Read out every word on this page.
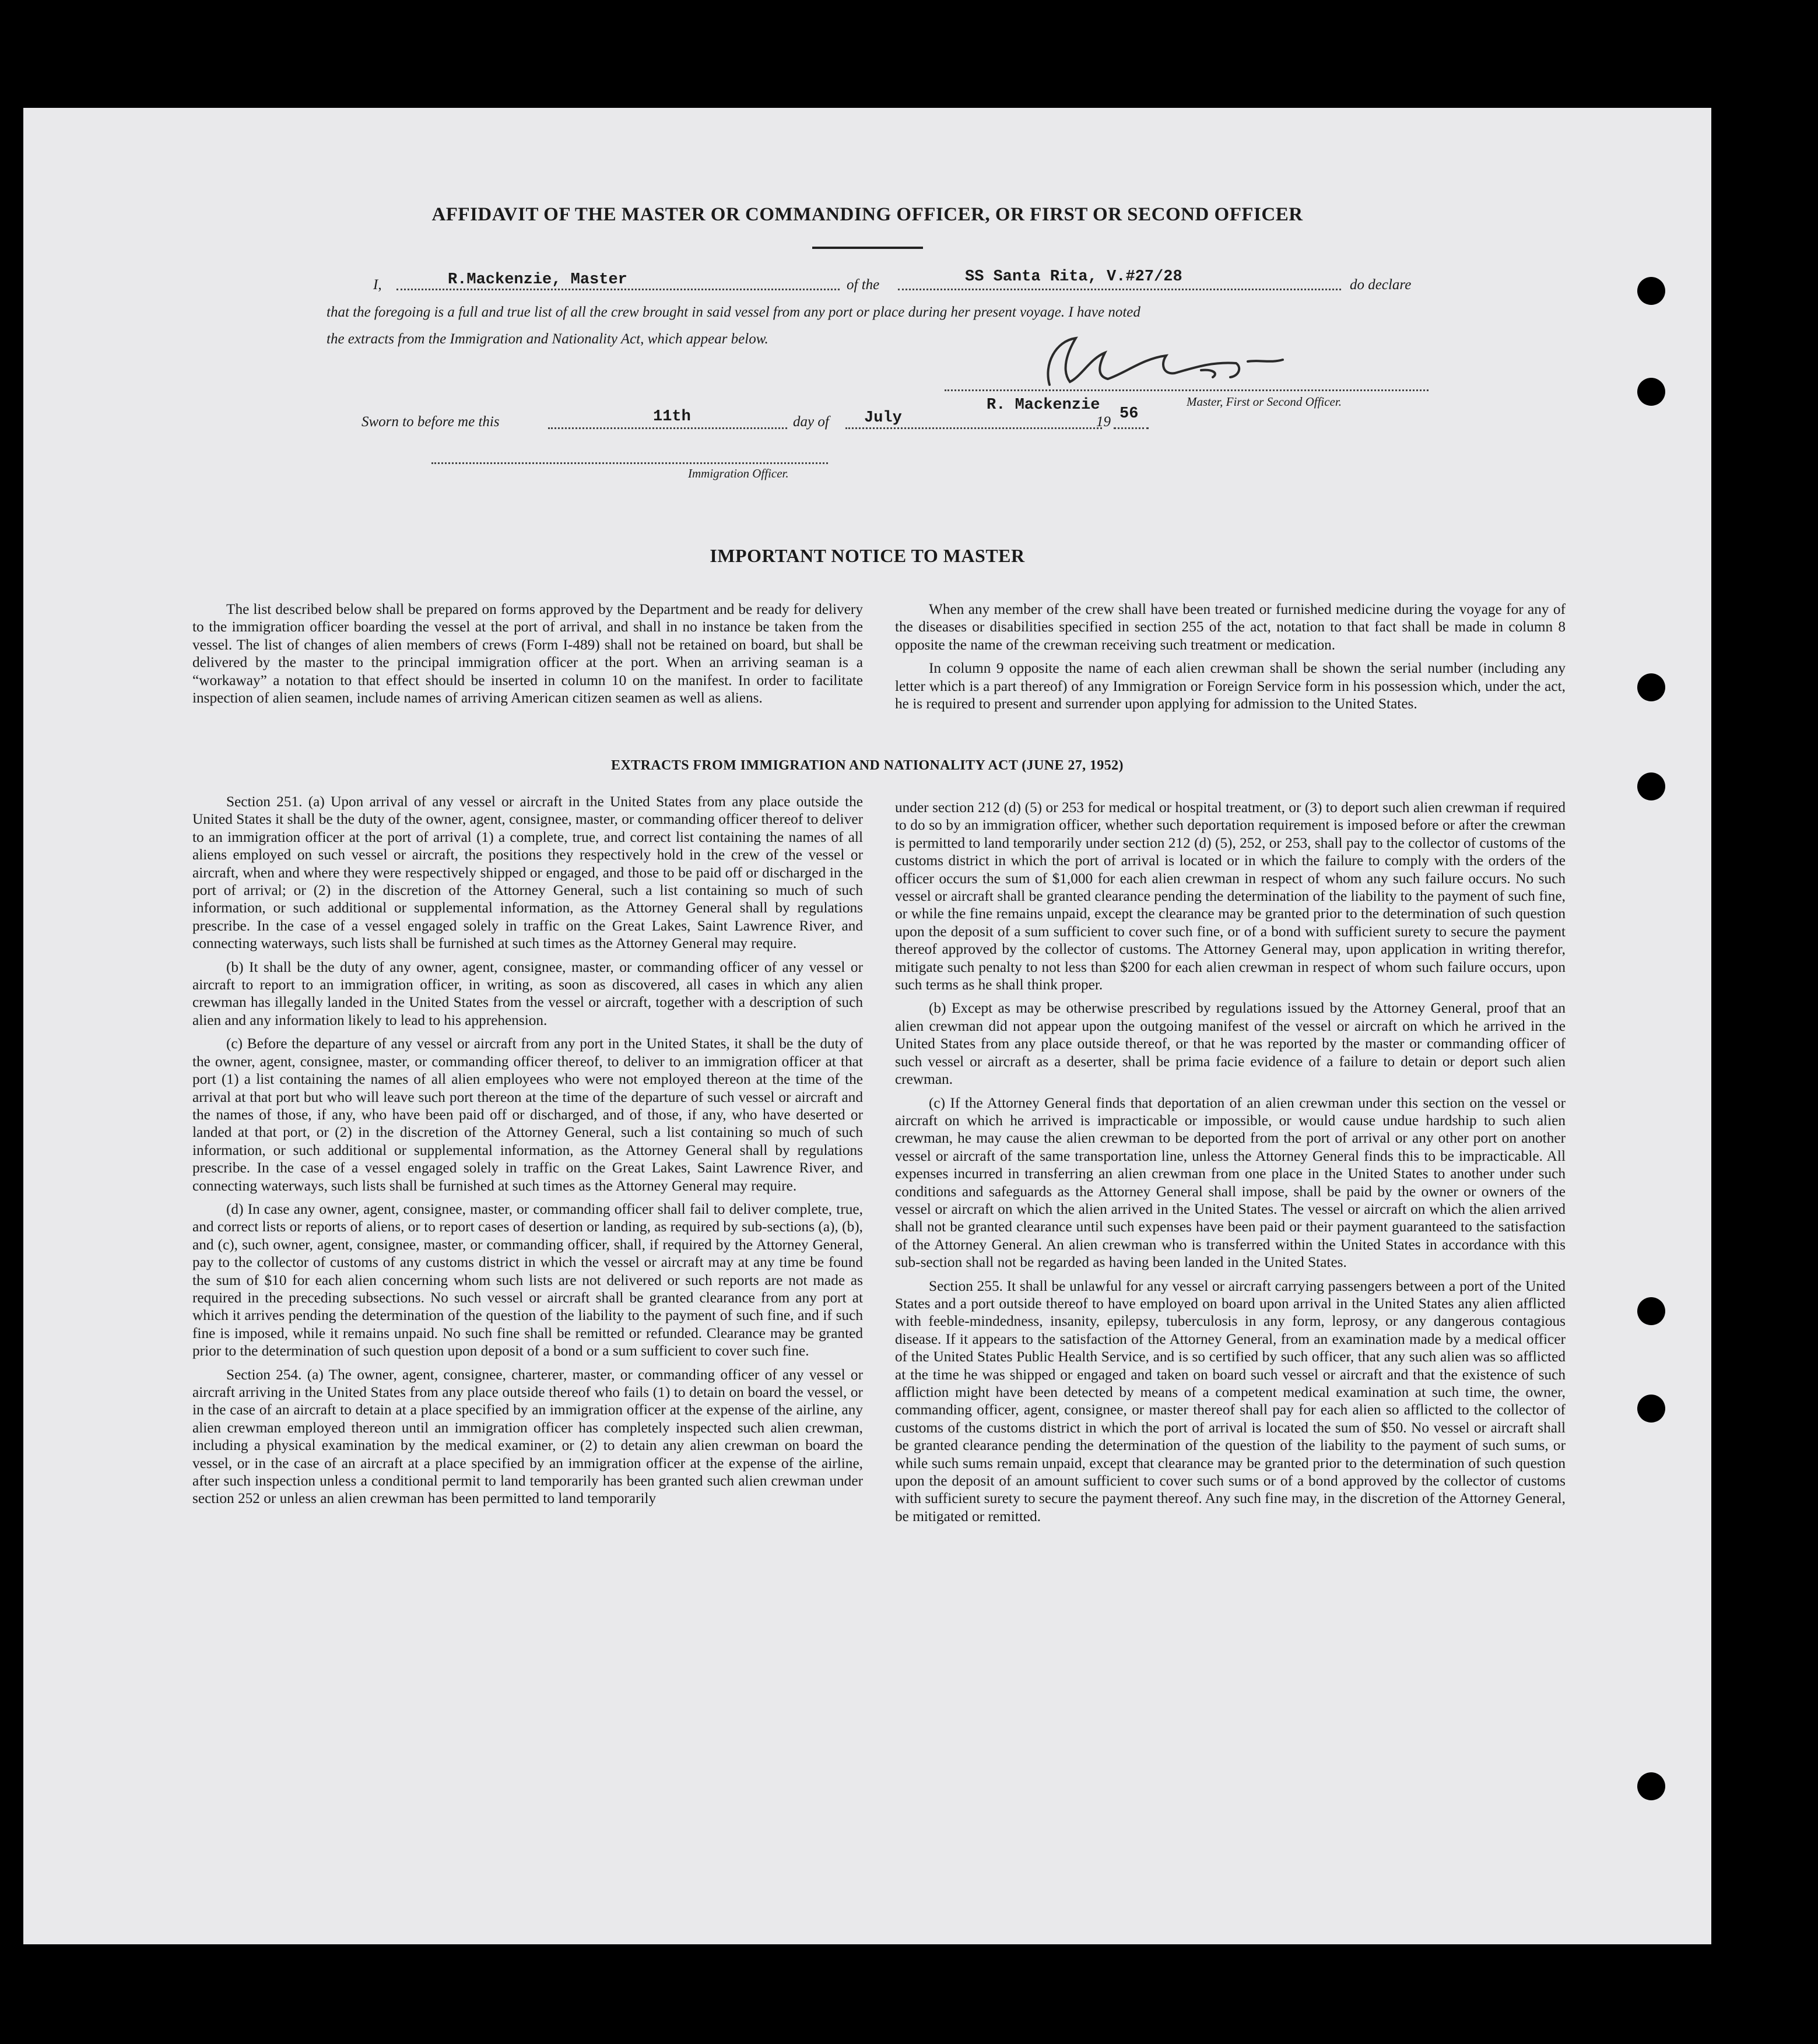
AFFIDAVIT OF THE MASTER OR COMMANDING OFFICER, OR FIRST OR SECOND OFFICER
I,	R.Mackenzie, Master	of the	SS Santa Rita, V.#27/28	do declare
that the foregoing is a full and true list of all the crew brought in said vessel from any port or place during her present voyage. I have noted
the extracts from the Immigration and Nationality Act, which appear below.
R. Mackenzie	Master, First or Second Officer.
Sworn to before me this	11th	day of July	19 56
Immigration Officer.
IMPORTANT NOTICE TO MASTER

The list described below shall be prepared on forms approved by the Department and be ready for delivery to the immigration officer boarding the vessel at the port of arrival, and shall in no instance be taken from the vessel. The list of changes of alien members of crews (Form I-489) shall not be retained on board, but shall be delivered by the master to the principal immigration officer at the port. When an arriving seaman is a “workaway” a notation to that effect should be inserted in column 10 on the manifest. In order to facilitate inspection of alien seamen, include names of arriving American citizen seamen as well as aliens.

When any member of the crew shall have been treated or furnished medicine during the voyage for any of the diseases or disabilities specified in section 255 of the act, notation to that fact shall be made in column 8 opposite the name of the crewman receiving such treatment or medication.

In column 9 opposite the name of each alien crewman shall be shown the serial number (including any letter which is a part thereof) of any Immigration or Foreign Service form in his possession which, under the act, he is required to present and surrender upon applying for admission to the United States.

EXTRACTS FROM IMMIGRATION AND NATIONALITY ACT (JUNE 27, 1952)

Section 251. (a) Upon arrival of any vessel or aircraft in the United States from any place outside the United States it shall be the duty of the owner, agent, consignee, master, or commanding officer thereof to deliver to an immigration officer at the port of arrival (1) a complete, true, and correct list containing the names of all aliens employed on such vessel or aircraft, the positions they respectively hold in the crew of the vessel or aircraft, when and where they were respectively shipped or engaged, and those to be paid off or discharged in the port of arrival; or (2) in the discretion of the Attorney General, such a list containing so much of such information, or such additional or supplemental information, as the Attorney General shall by regulations prescribe. In the case of a vessel engaged solely in traffic on the Great Lakes, Saint Lawrence River, and connecting waterways, such lists shall be furnished at such times as the Attorney General may require.

(b) It shall be the duty of any owner, agent, consignee, master, or commanding officer of any vessel or aircraft to report to an immigration officer, in writing, as soon as discovered, all cases in which any alien crewman has illegally landed in the United States from the vessel or aircraft, together with a description of such alien and any information likely to lead to his apprehension.

(c) Before the departure of any vessel or aircraft from any port in the United States, it shall be the duty of the owner, agent, consignee, master, or commanding officer thereof, to deliver to an immigration officer at that port (1) a list containing the names of all alien employees who were not employed thereon at the time of the arrival at that port but who will leave such port thereon at the time of the departure of such vessel or aircraft and the names of those, if any, who have been paid off or discharged, and of those, if any, who have deserted or landed at that port, or (2) in the discretion of the Attorney General, such a list containing so much of such information, or such additional or supplemental information, as the Attorney General shall by regulations prescribe. In the case of a vessel engaged solely in traffic on the Great Lakes, Saint Lawrence River, and connecting waterways, such lists shall be furnished at such times as the Attorney General may require.

(d) In case any owner, agent, consignee, master, or commanding officer shall fail to deliver complete, true, and correct lists or reports of aliens, or to report cases of desertion or landing, as required by sub-sections (a), (b), and (c), such owner, agent, consignee, master, or commanding officer, shall, if required by the Attorney General, pay to the collector of customs of any customs district in which the vessel or aircraft may at any time be found the sum of $10 for each alien concerning whom such lists are not delivered or such reports are not made as required in the preceding subsections. No such vessel or aircraft shall be granted clearance from any port at which it arrives pending the determination of the question of the liability to the payment of such fine, and if such fine is imposed, while it remains unpaid. No such fine shall be remitted or refunded. Clearance may be granted prior to the determination of such question upon deposit of a bond or a sum sufficient to cover such fine.

Section 254. (a) The owner, agent, consignee, charterer, master, or commanding officer of any vessel or aircraft arriving in the United States from any place outside thereof who fails (1) to detain on board the vessel, or in the case of an aircraft to detain at a place specified by an immigration officer at the expense of the airline, any alien crewman employed thereon until an immigration officer has completely inspected such alien crewman, including a physical examination by the medical examiner, or (2) to detain any alien crewman on board the vessel, or in the case of an aircraft at a place specified by an immigration officer at the expense of the airline, after such inspection unless a conditional permit to land temporarily has been granted such alien crewman under section 252 or unless an alien crewman has been permitted to land temporarily

under section 212 (d) (5) or 253 for medical or hospital treatment, or (3) to deport such alien crewman if required to do so by an immigration officer, whether such deportation requirement is imposed before or after the crewman is permitted to land temporarily under section 212 (d) (5), 252, or 253, shall pay to the collector of customs of the customs district in which the port of arrival is located or in which the failure to comply with the orders of the officer occurs the sum of $1,000 for each alien crewman in respect of whom any such failure occurs. No such vessel or aircraft shall be granted clearance pending the determination of the liability to the payment of such fine, or while the fine remains unpaid, except the clearance may be granted prior to the determination of such question upon the deposit of a sum sufficient to cover such fine, or of a bond with sufficient surety to secure the payment thereof approved by the collector of customs. The Attorney General may, upon application in writing therefor, mitigate such penalty to not less than $200 for each alien crewman in respect of whom such failure occurs, upon such terms as he shall think proper.

(b) Except as may be otherwise prescribed by regulations issued by the Attorney General, proof that an alien crewman did not appear upon the outgoing manifest of the vessel or aircraft on which he arrived in the United States from any place outside thereof, or that he was reported by the master or commanding officer of such vessel or aircraft as a deserter, shall be prima facie evidence of a failure to detain or deport such alien crewman.

(c) If the Attorney General finds that deportation of an alien crewman under this section on the vessel or aircraft on which he arrived is impracticable or impossible, or would cause undue hardship to such alien crewman, he may cause the alien crewman to be deported from the port of arrival or any other port on another vessel or aircraft of the same transportation line, unless the Attorney General finds this to be impracticable. All expenses incurred in transferring an alien crewman from one place in the United States to another under such conditions and safeguards as the Attorney General shall impose, shall be paid by the owner or owners of the vessel or aircraft on which the alien arrived in the United States. The vessel or aircraft on which the alien arrived shall not be granted clearance until such expenses have been paid or their payment guaranteed to the satisfaction of the Attorney General. An alien crewman who is transferred within the United States in accordance with this sub-section shall not be regarded as having been landed in the United States.

Section 255. It shall be unlawful for any vessel or aircraft carrying passengers between a port of the United States and a port outside thereof to have employed on board upon arrival in the United States any alien afflicted with feeble-mindedness, insanity, epilepsy, tuberculosis in any form, leprosy, or any dangerous contagious disease. If it appears to the satisfaction of the Attorney General, from an examination made by a medical officer of the United States Public Health Service, and is so certified by such officer, that any such alien was so afflicted at the time he was shipped or engaged and taken on board such vessel or aircraft and that the existence of such affliction might have been detected by means of a competent medical examination at such time, the owner, commanding officer, agent, consignee, or master thereof shall pay for each alien so afflicted to the collector of customs of the customs district in which the port of arrival is located the sum of $50. No vessel or aircraft shall be granted clearance pending the determination of the question of the liability to the payment of such sums, or while such sums remain unpaid, except that clearance may be granted prior to the determination of such question upon the deposit of an amount sufficient to cover such sums or of a bond approved by the collector of customs with sufficient surety to secure the payment thereof. Any such fine may, in the discretion of the Attorney General, be mitigated or remitted.
